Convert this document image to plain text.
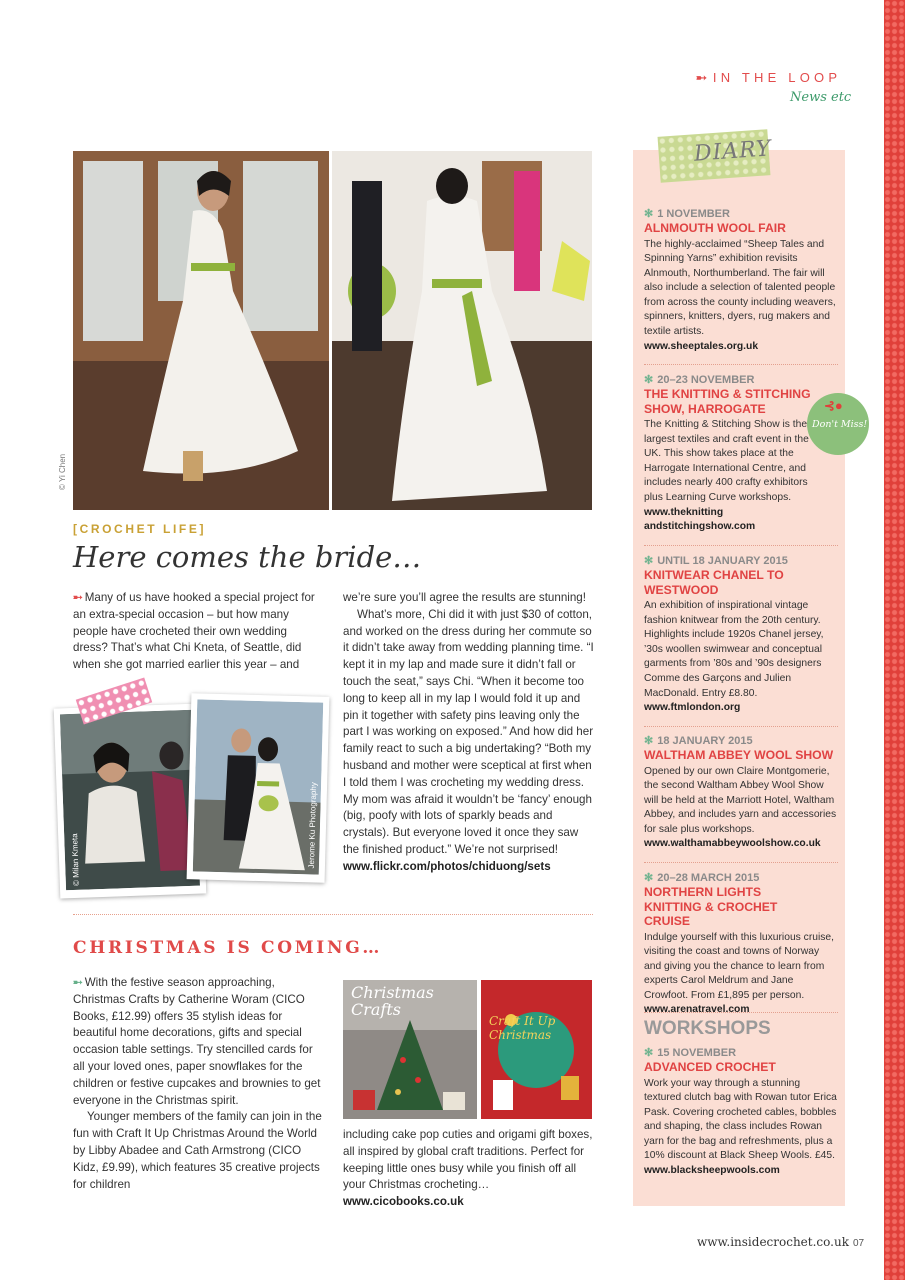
➸ IN THE LOOP
News etc
© Yi Chen
[CROCHET LIFE]
Here comes the bride…

➸ Many of us have hooked a special project for an extra-special occasion – but how many people have crocheted their own wedding dress? That’s what Chi Kneta, of Seattle, did when she got married earlier this year – and

we’re sure you’ll agree the results are stunning!

What’s more, Chi did it with just $30 of cotton, and worked on the dress during her commute so it didn’t take away from wedding planning time. “I kept it in my lap and made sure it didn’t fall or touch the seat,” says Chi. “When it become too long to keep all in my lap I would fold it up and pin it together with safety pins leaving only the part I was working on exposed.” And how did her family react to such a big undertaking? “Both my husband and mother were sceptical at first when I told them I was crocheting my wedding dress. My mom was afraid it wouldn’t be ‘fancy’ enough (big, poofy with lots of sparkly beads and crystals). But everyone loved it once they saw the finished product.” We’re not surprised!

www.flickr.com/photos/chiduong/sets

© Milan Kmeta	Jerome Ku Photography
CHRISTMAS IS COMING…

➸ With the festive season approaching, Christmas Crafts by Catherine Woram (CICO Books, £12.99) offers 35 stylish ideas for beautiful home decorations, gifts and special occasion table settings. Try stencilled cards for all your loved ones, paper snowflakes for the children or festive cupcakes and brownies to get everyone in the Christmas spirit.

Younger members of the family can join in the fun with Craft It Up Christmas Around the World by Libby Abadee and Cath Armstrong (CICO Kidz, £9.99), which features 35 creative projects for children

Christmas Crafts
Craft It Up Christmas

including cake pop cuties and origami gift boxes, all inspired by global craft traditions. Perfect for keeping little ones busy while you finish off all your Christmas crocheting…

www.cicobooks.co.uk

DIARY
✻ 1 NOVEMBER
ALNMOUTH WOOL FAIR
The highly-acclaimed “Sheep Tales and Spinning Yarns” exhibition revisits Alnmouth, Northumberland. The fair will also include a selection of talented people from across the county including weavers, spinners, knitters, dyers, rug makers and textile artists.
www.sheeptales.org.uk
✻ 20–23 NOVEMBER
THE KNITTING & STITCHING SHOW, HARROGATE
The Knitting & Stitching Show is the largest textiles and craft event in the UK. This show takes place at the Harrogate International Centre, and includes nearly 400 crafty exhibitors plus Learning Curve workshops.
www.theknitting andstitchingshow.com
⊰●
Don't Miss!
✻ UNTIL 18 JANUARY 2015
KNITWEAR CHANEL TO WESTWOOD
An exhibition of inspirational vintage fashion knitwear from the 20th century. Highlights include 1920s Chanel jersey, ’30s woollen swimwear and conceptual garments from ’80s and ’90s designers Comme des Garçons and Julien MacDonald. Entry £8.80.
www.ftmlondon.org
✻ 18 JANUARY 2015
WALTHAM ABBEY WOOL SHOW
Opened by our own Claire Montgomerie, the second Waltham Abbey Wool Show will be held at the Marriott Hotel, Waltham Abbey, and includes yarn and accessories for sale plus workshops.
www.walthamabbeywoolshow.co.uk
✻ 20–28 MARCH 2015
NORTHERN LIGHTS KNITTING & CROCHET CRUISE
Indulge yourself with this luxurious cruise, visiting the coast and towns of Norway and giving you the chance to learn from experts Carol Meldrum and Jane Crowfoot. From £1,895 per person.
www.arenatravel.com
WORKSHOPS
✻ 15 NOVEMBER
ADVANCED CROCHET
Work your way through a stunning textured clutch bag with Rowan tutor Erica Pask. Covering crocheted cables, bobbles and shaping, the class includes Rowan yarn for the bag and refreshments, plus a 10% discount at Black Sheep Wools. £45.
www.blacksheepwools.com
www.insidecrochet.co.uk 07
